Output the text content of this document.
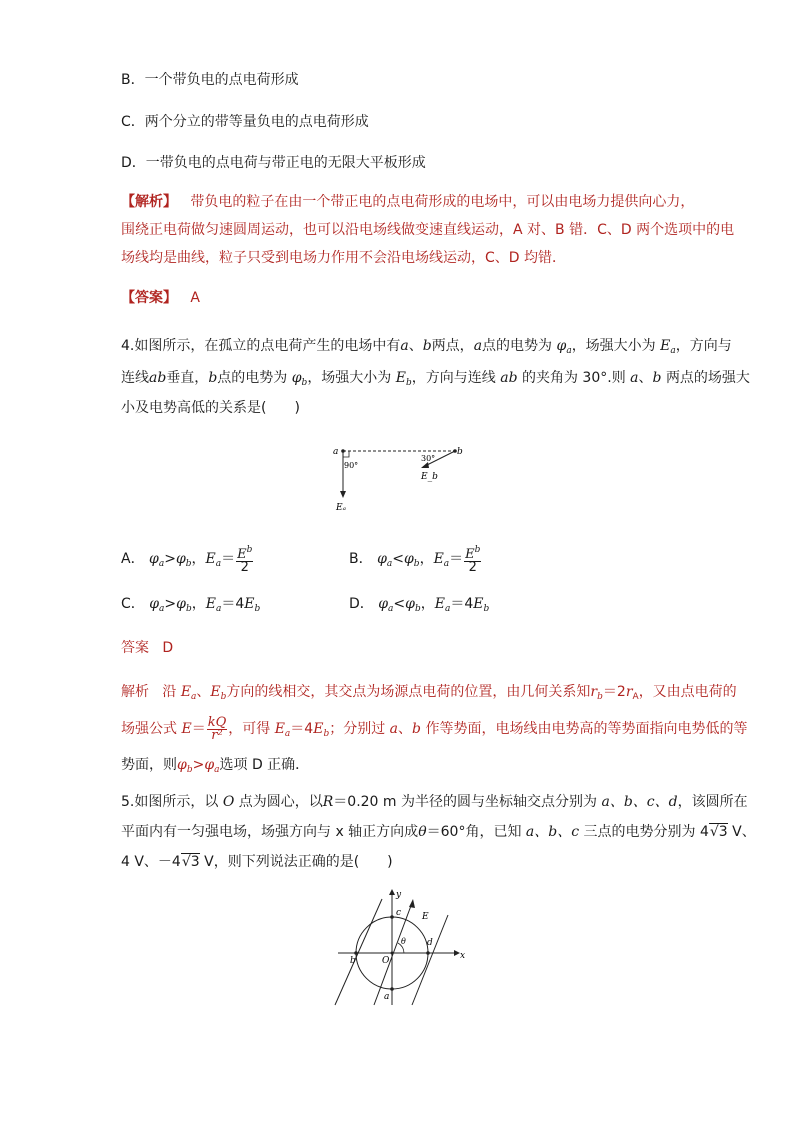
B．一个带负电的点电荷形成
C．两个分立的带等量负电的点电荷形成
D．一带负电的点电荷与带正电的无限大平板形成
【解析】 带负电的粒子在由一个带正电的点电荷形成的电场中，可以由电场力提供向心力，
围绕正电荷做匀速圆周运动，也可以沿电场线做变速直线运动，A 对、B 错．C、D 两个选项中的电
场线均是曲线，粒子只受到电场力作用不会沿电场线运动，C、D 均错．
【答案】 A
4.如图所示，在孤立的点电荷产生的电场中有a、b两点，a点的电势为 $\varphi_a$，场强大小为 $E_a$，方向与
连线ab垂直，b点的电势为 $\varphi_b$，场强大小为 $E_b$，方向与连线 ab 的夹角为 30°.则 a、b 两点的场强大
小及电势高低的关系是(　　)
a	b
90°
30°
Eₐ
E_b
A． $\varphi_a>\varphi_b$，$E_a= \frac{E^b}{2}$	B． $\varphi_a<\varphi_b$，$E_a= \frac{E^b}{2}$
C． $\varphi_a>\varphi_b$，$E_a=4E_b$	D． $\varphi_a<\varphi_b$，$E_a=4E_b$
答案 D
解析 沿 $E_a$、$E_b$方向的线相交，其交点为场源点电荷的位置，由几何关系知$r_b=2r_A$，又由点电荷的
场强公式 $E= \frac{kQ}{\text{r²}}$ ，可得 $E_a=4E_b$；分别过 a、b 作等势面，电场线由电势高的等势面指向电势低的等
势面，则$\varphi_b>\varphi_a$选项 D 正确．
5.如图所示，以 O 点为圆心，以R＝0.20 m 为半径的圆与坐标轴交点分别为 a、b、c、d，该圆所在
平面内有一匀强电场，场强方向与 x 轴正方向成θ＝60°角，已知 a、b、c 三点的电势分别为 4√3 V、
4 V、－4√3 V，则下列说法正确的是(　　)
y
x
c E
θ d
b	O
a
